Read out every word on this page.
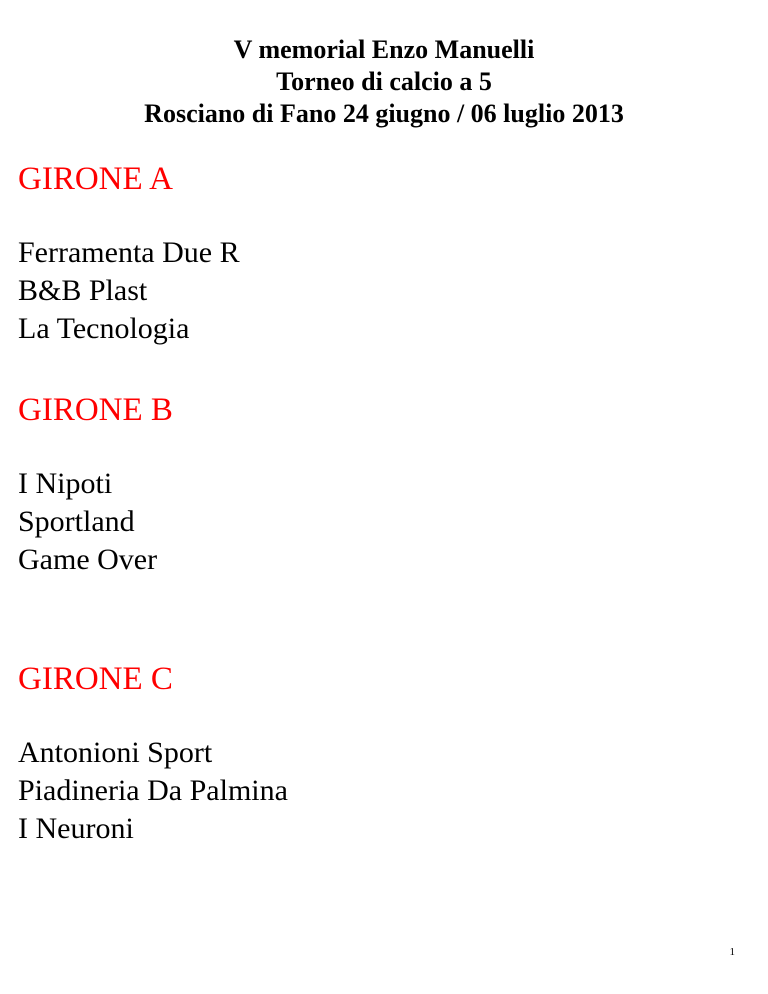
V memorial Enzo Manuelli
Torneo di calcio a 5
Rosciano di Fano 24 giugno / 06 luglio 2013
GIRONE A
Ferramenta Due R
B&B Plast
La Tecnologia
GIRONE B
I Nipoti
Sportland
Game Over
GIRONE C
Antonioni Sport
Piadineria Da Palmina
I Neuroni
1
